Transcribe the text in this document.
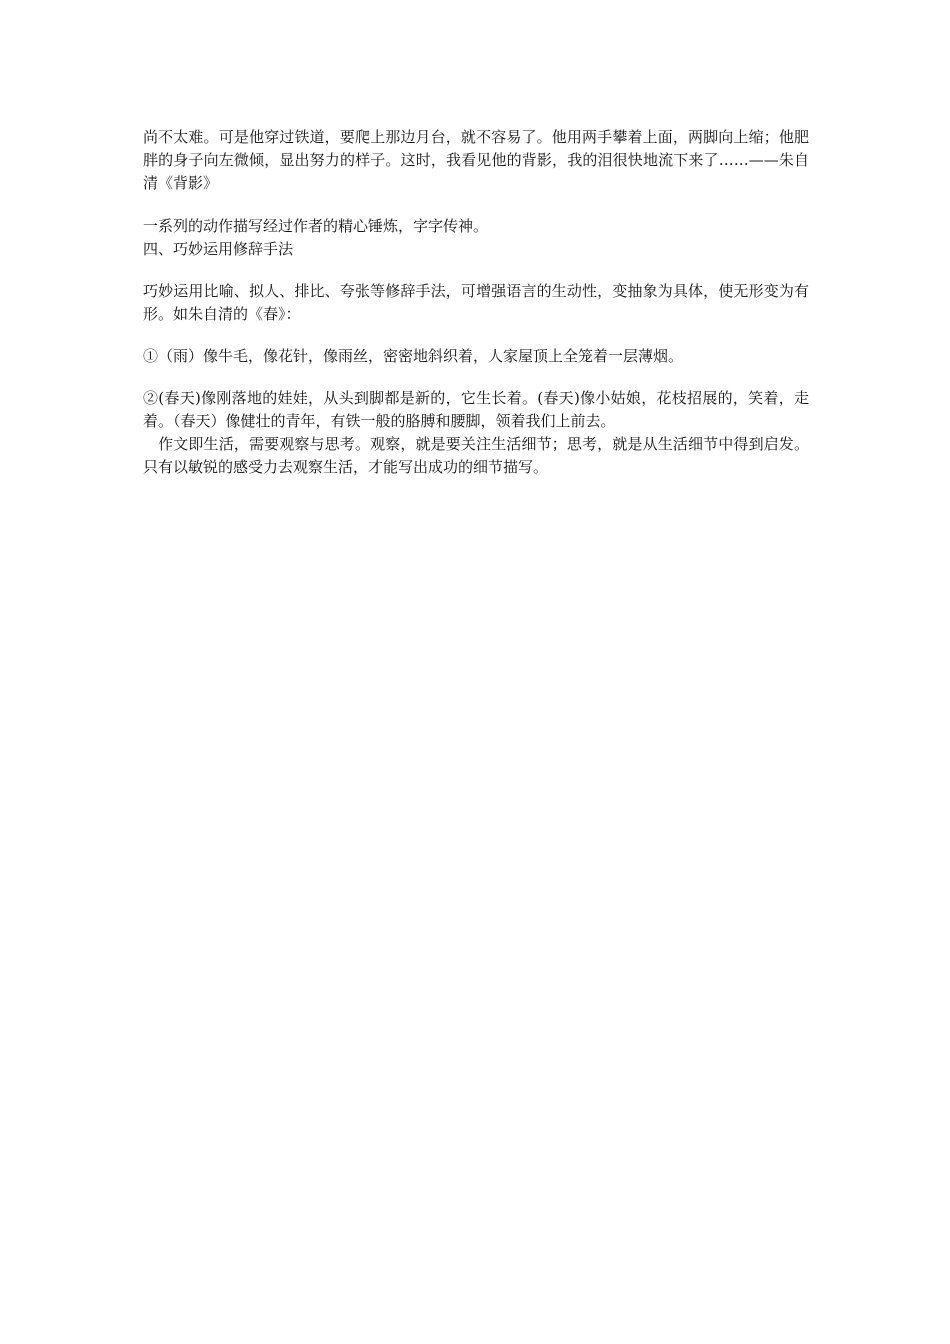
尚不太难。可是他穿过铁道，要爬上那边月台，就不容易了。他用两手攀着上面，两脚向上缩；他肥胖的身子向左微倾，显出努力的样子。这时，我看见他的背影，我的泪很快地流下来了……——朱自清《背影》

一系列的动作描写经过作者的精心锤炼，字字传神。

四、巧妙运用修辞手法

巧妙运用比喻、拟人、排比、夸张等修辞手法，可增强语言的生动性，变抽象为具体，使无形变为有形。如朱自清的《春》：

①（雨）像牛毛，像花针，像雨丝，密密地斜织着，人家屋顶上全笼着一层薄烟。

②(春天)像刚落地的娃娃，从头到脚都是新的，它生长着。(春天)像小姑娘，花枝招展的，笑着，走着。（春天）像健壮的青年，有铁一般的胳膊和腰脚，领着我们上前去。

　作文即生活，需要观察与思考。观察，就是要关注生活细节；思考，就是从生活细节中得到启发。只有以敏锐的感受力去观察生活，才能写出成功的细节描写。
